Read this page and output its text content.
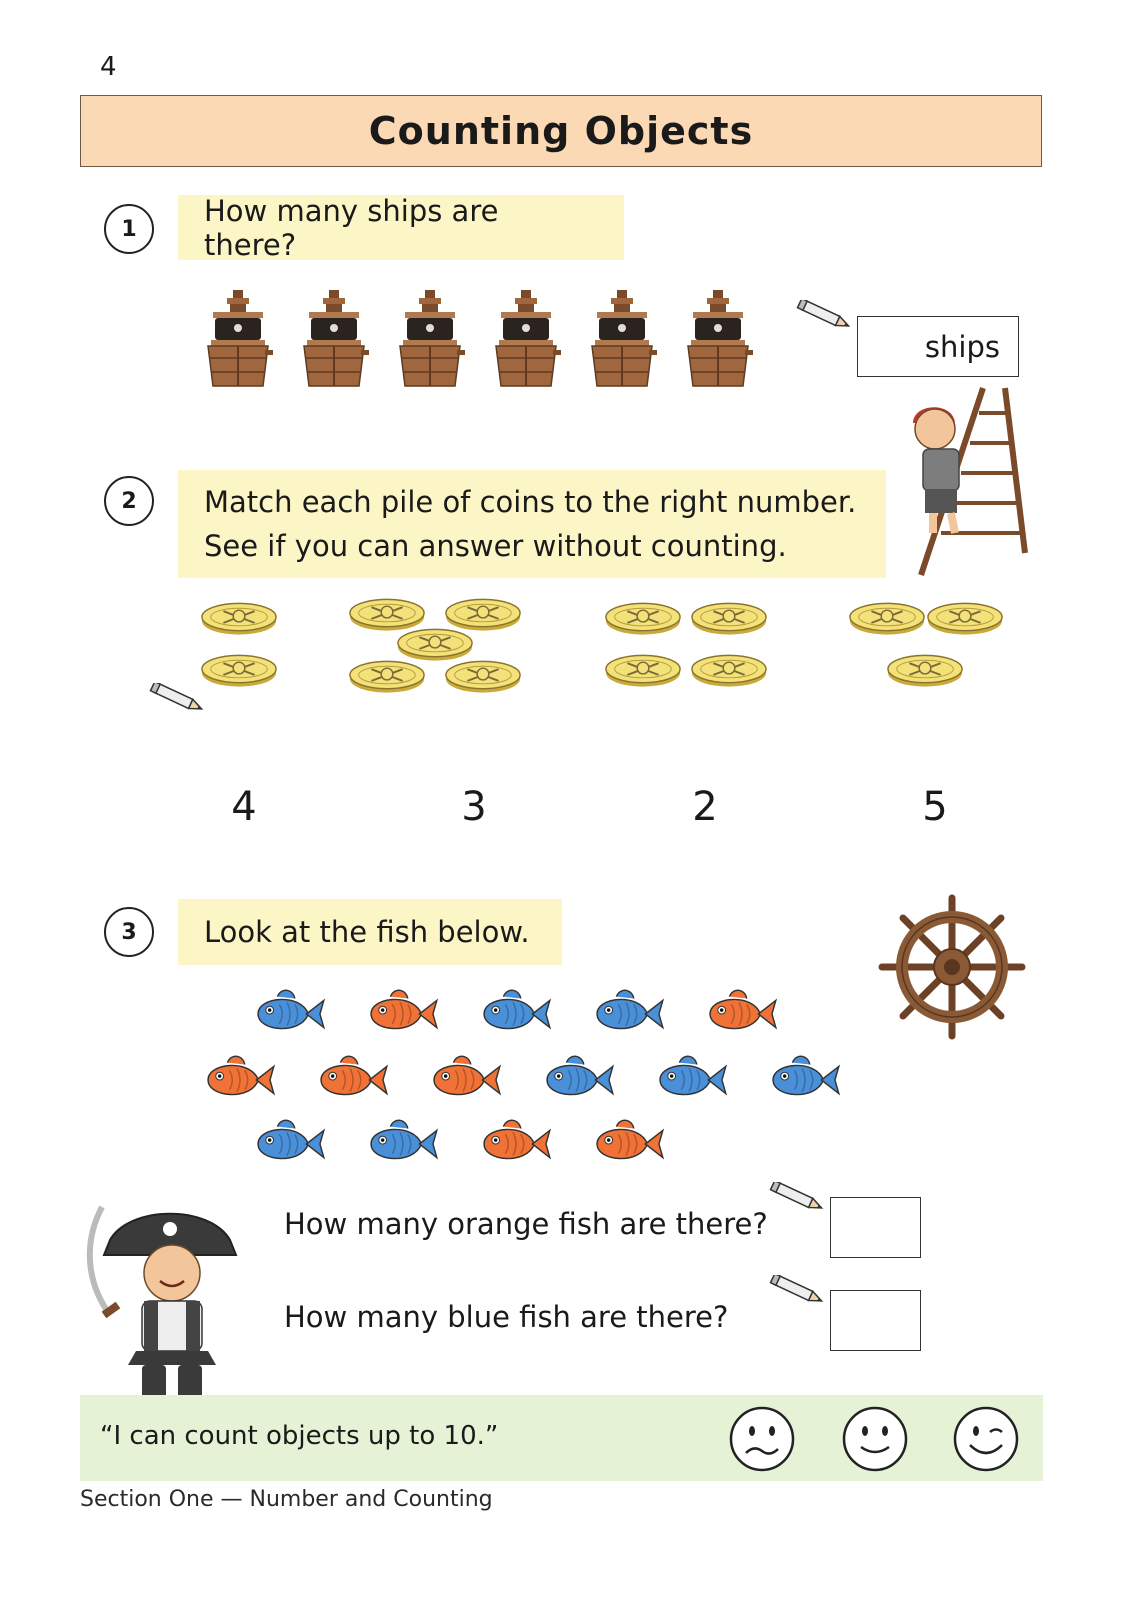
4
Counting Objects
1
How many ships are there?
ships
2	Match each pile of coins to the right number.
See if you can answer without counting.
4	3	2	5
3	Look at the fish below.
How many orange fish are there?
How many blue fish are there?
“I can count objects up to 10.”
Section One — Number and Counting
